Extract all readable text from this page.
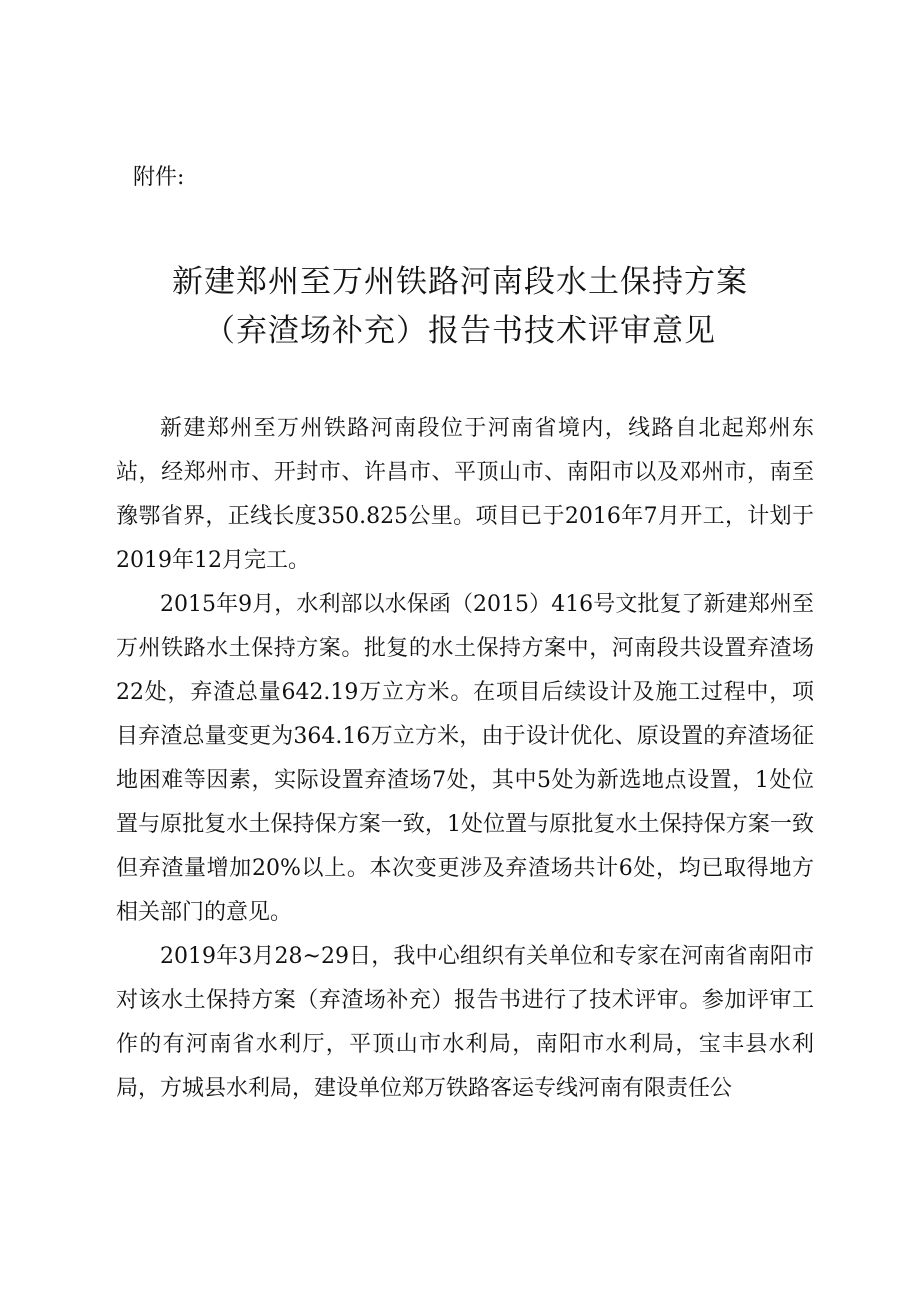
附件:
新建郑州至万州铁路河南段水土保持方案
（弃渣场补充）报告书技术评审意见

新建郑州至万州铁路河南段位于河南省境内，线路自北起郑州东站，经郑州市、开封市、许昌市、平顶山市、南阳市以及邓州市，南至豫鄂省界，正线长度350.825公里。项目已于2016年7月开工，计划于2019年12月完工。

2015年9月，水利部以水保函（2015）416号文批复了新建郑州至万州铁路水土保持方案。批复的水土保持方案中，河南段共设置弃渣场22处，弃渣总量642.19万立方米。在项目后续设计及施工过程中，项目弃渣总量变更为364.16万立方米，由于设计优化、原设置的弃渣场征地困难等因素，实际设置弃渣场7处，其中5处为新选地点设置，1处位置与原批复水土保持保方案一致，1处位置与原批复水土保持保方案一致但弃渣量增加20%以上。本次变更涉及弃渣场共计6处，均已取得地方相关部门的意见。

2019年3月28~29日，我中心组织有关单位和专家在河南省南阳市对该水土保持方案（弃渣场补充）报告书进行了技术评审。参加评审工作的有河南省水利厅，平顶山市水利局，南阳市水利局，宝丰县水利局，方城县水利局，建设单位郑万铁路客运专线河南有限责任公
